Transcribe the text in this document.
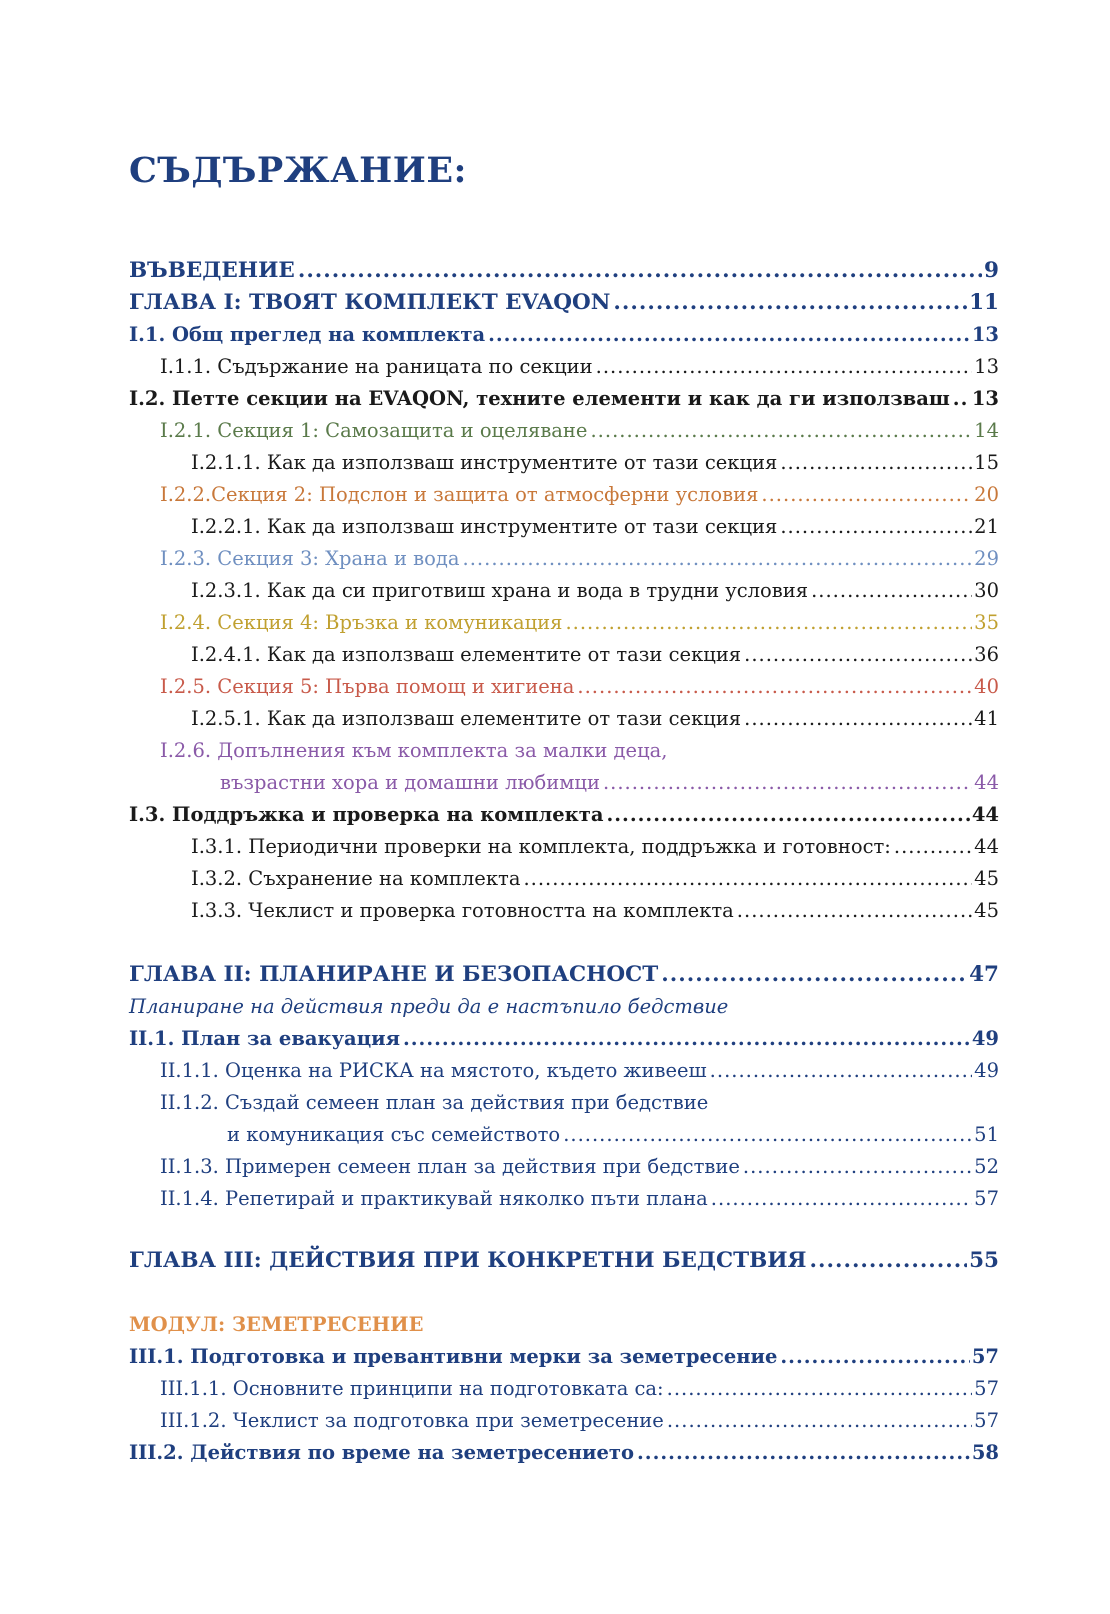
СЪДЪРЖАНИЕ:
ВЪВЕДЕНИЕ .....	9
ГЛАВА I: ТВОЯТ КОМПЛЕКТ EVAQON .....	11
I.1. Общ преглед на комплекта .....	13
I.1.1. Съдържание на раницата по секции .....	13
I.2. Петте секции на EVAQON, техните елементи и как да ги използваш ..... 13
I.2.1. Секция 1: Самозащита и оцеляване .....	14
I.2.1.1. Как да използваш инструментите от тази секция .....	15
I.2.2.Секция 2: Подслон и защита от атмосферни условия .....	20
I.2.2.1. Как да използваш инструментите от тази секция .....	21
I.2.3. Секция 3: Храна и вода .....	29
I.2.3.1. Как да си приготвиш храна и вода в трудни условия .....	30
I.2.4. Секция 4: Връзка и комуникация .....	35
I.2.4.1. Как да използваш елементите от тази секция .....	36
I.2.5. Секция 5: Първа помощ и хигиена .....	40
I.2.5.1. Как да използваш елементите от тази секция .....	41
I.2.6. Допълнения към комплекта за малки деца,
възрастни хора и домашни любимци .....	44
I.3. Поддръжка и проверка на комплекта .....	44
I.3.1. Периодични проверки на комплекта, поддръжка и готовност: .....	44
I.3.2. Съхранение на комплекта .....	45
I.3.3. Чеклист и проверка готовността на комплекта .....	45
ГЛАВА II: ПЛАНИРАНЕ И БЕЗОПАСНОСТ .....	47
Планиране на действия преди да е настъпило бедствие
II.1. План за евакуация .....	49
II.1.1. Оценка на РИСКА на мястото, където живееш .....	49
II.1.2. Създай семеен план за действия при бедствие
и комуникация със семейството .....	51
II.1.3. Примерен семеен план за действия при бедствие .....	52
II.1.4. Репетирай и практикувай няколко пъти плана .....	57
ГЛАВА III: ДЕЙСТВИЯ ПРИ КОНКРЕТНИ БЕДСТВИЯ .....	55
МОДУЛ: ЗЕМЕТРЕСЕНИЕ
III.1. Подготовка и превантивни мерки за земетресение .....	57
III.1.1. Основните принципи на подготовката са: .....	57
III.1.2. Чеклист за подготовка при земетресение .....	57
III.2. Действия по време на земетресението .....	58
